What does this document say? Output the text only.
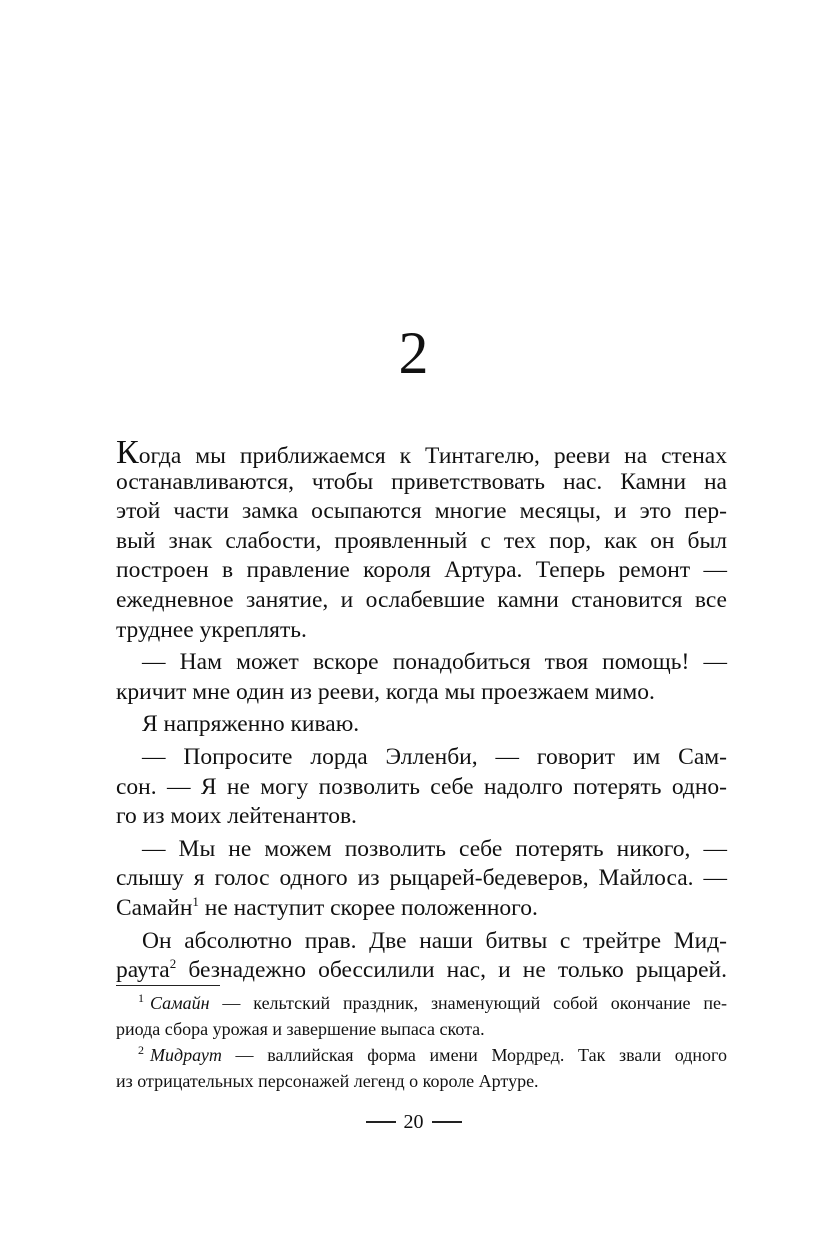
2
Когда мы приближаемся к Тинтагелю, рееви на стенах
останавливаются, чтобы приветствовать нас. Камни на
этой части замка осыпаются многие месяцы, и это пер-
вый знак слабости, проявленный с тех пор, как он был
построен в правление короля Артура. Теперь ремонт —
ежедневное занятие, и ослабевшие камни становится все
труднее укреплять.
— Нам может вскоре понадобиться твоя помощь! —
кричит мне один из рееви, когда мы проезжаем мимо.
Я напряженно киваю.
— Попросите лорда Элленби, — говорит им Сам-
сон. — Я не могу позволить себе надолго потерять одно-
го из моих лейтенантов.
— Мы не можем позволить себе потерять никого, —
слышу я голос одного из рыцарей-бедеверов, Майлоса. —
Самайн$^1$ не наступит скорее положенного.
Он абсолютно прав. Две наши битвы с трейтре Мид-
раута$^2$ безнадежно обессилили нас, и не только рыцарей.
$^1$ Самайн — кельтский праздник, знаменующий собой окончание пе-
риода сбора урожая и завершение выпаса скота.
$^2$ Мидраут — валлийская форма имени Мордред. Так звали одного
из отрицательных персонажей легенд о короле Артуре.
20
